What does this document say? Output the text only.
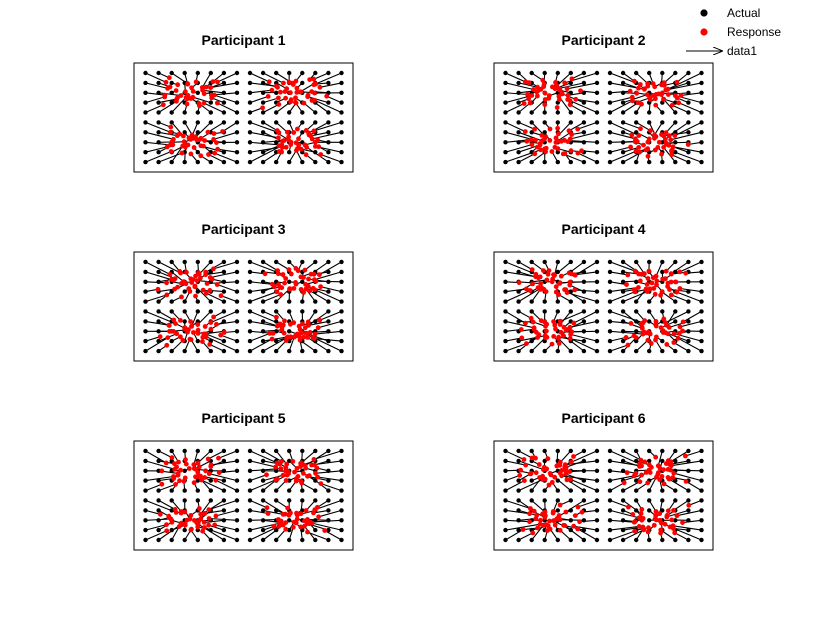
Actual
Response
data1
Participant 1	Participant 2
Participant 3	Participant 4
Participant 5	Participant 6
